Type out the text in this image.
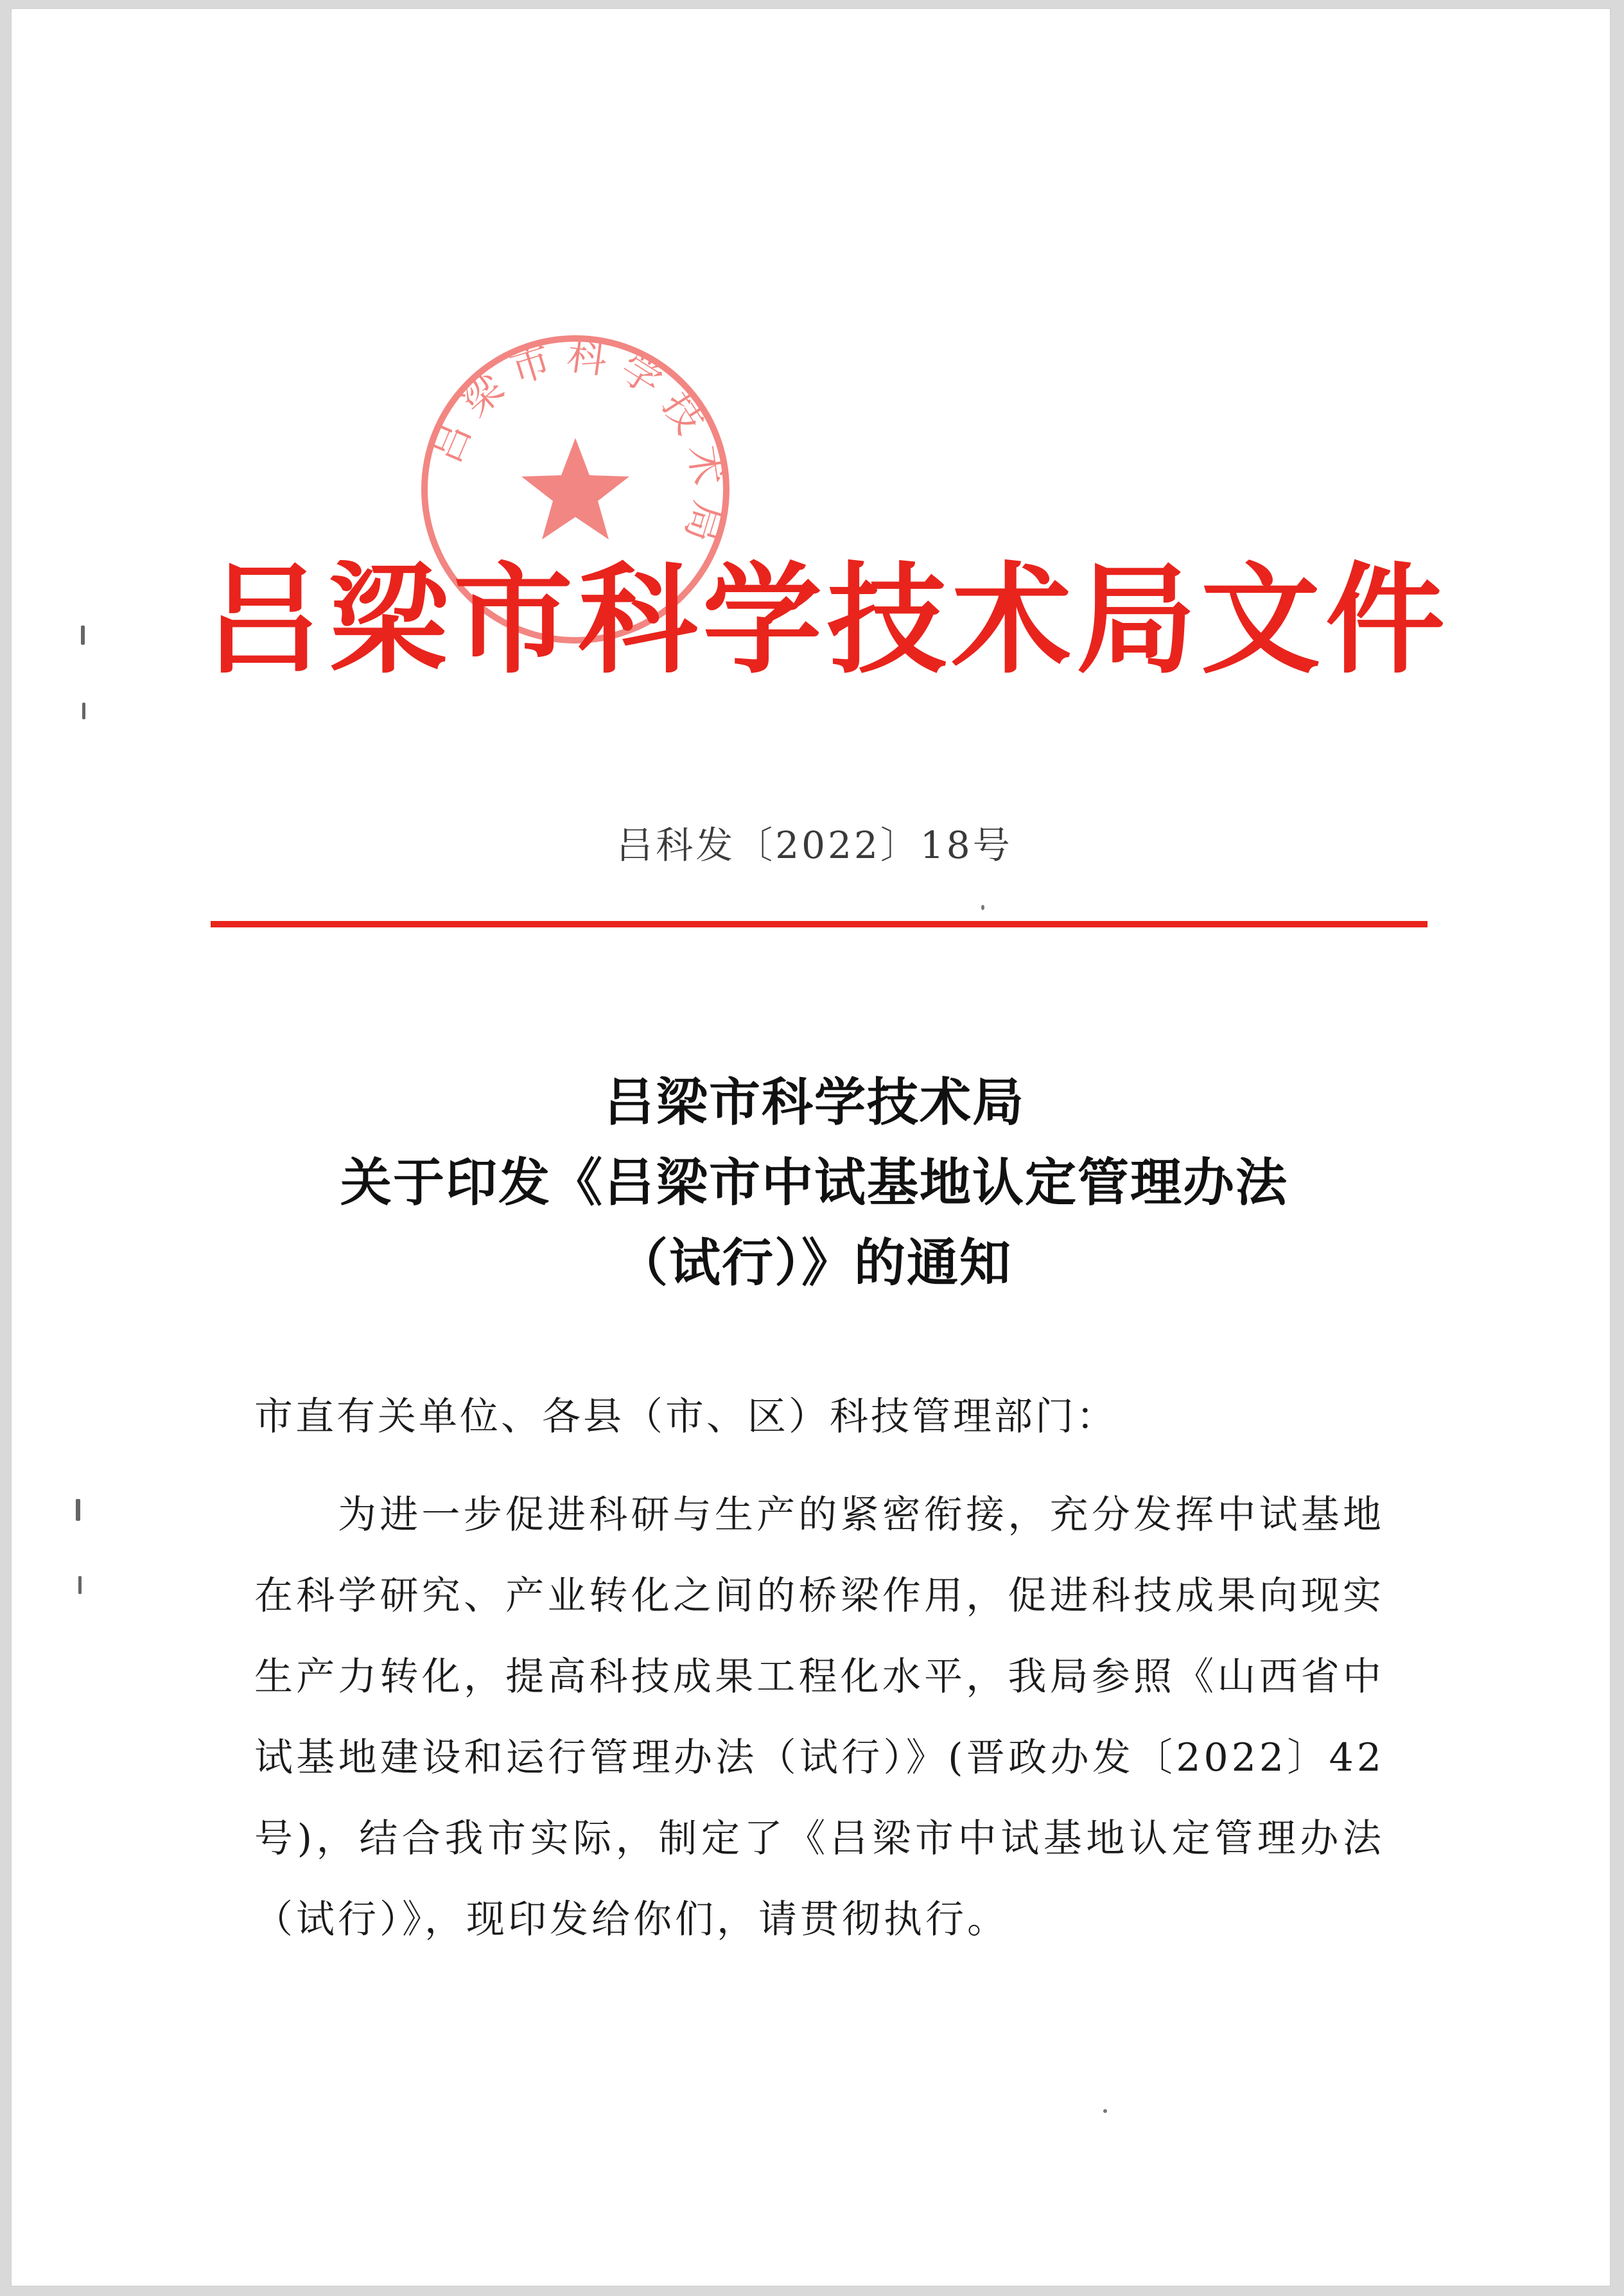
吕梁市科学技术局
吕梁市科学技术局文件
吕科发〔2022〕18号
吕梁市科学技术局
关于印发《吕梁市中试基地认定管理办法
（试行）》的通知
市直有关单位、各县（市、区）科技管理部门：
为进一步促进科研与生产的紧密衔接，充分发挥中试基地在科学研究、产业转化之间的桥梁作用，促进科技成果向现实生产力转化，提高科技成果工程化水平，我局参照《山西省中试基地建设和运行管理办法（试行）》(晋政办发〔2022〕42号)，结合我市实际，制定了《吕梁市中试基地认定管理办法（试行）》，现印发给你们，请贯彻执行。
